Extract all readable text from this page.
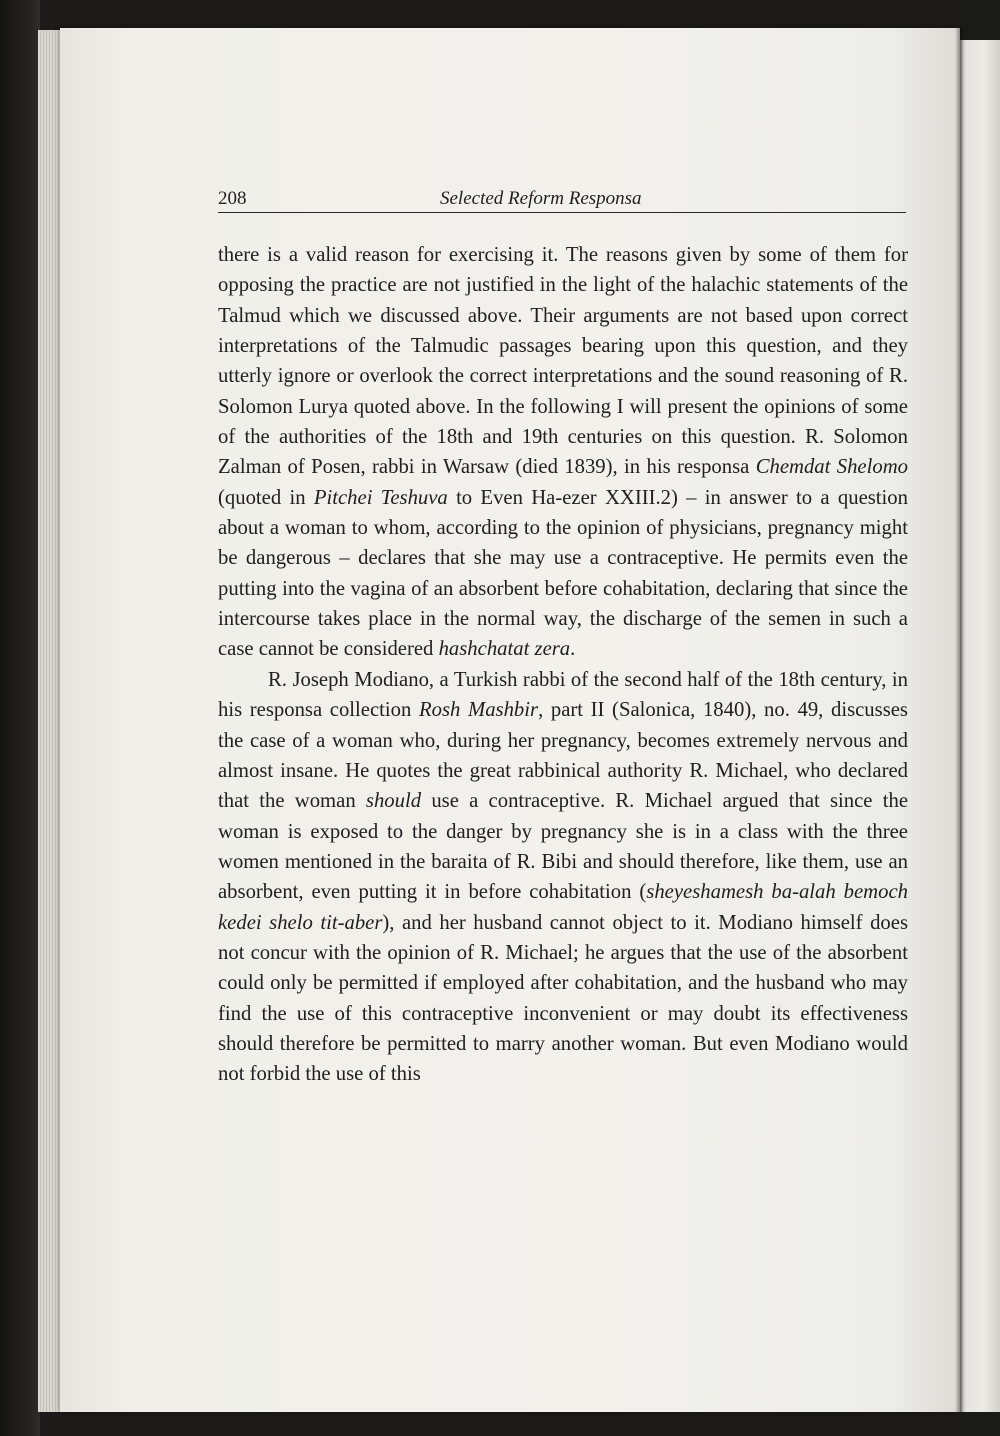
208	Selected Reform Responsa

there is a valid reason for exercising it. The reasons given by some of them for opposing the practice are not justified in the light of the halachic statements of the Talmud which we discussed above. Their arguments are not based upon correct interpretations of the Talmudic passages bearing upon this question, and they utterly ignore or overlook the correct interpretations and the sound reasoning of R. Solomon Lurya quoted above. In the following I will present the opinions of some of the authorities of the 18th and 19th centuries on this question. R. Solomon Zalman of Posen, rabbi in Warsaw (died 1839), in his responsa Chemdat Shelomo (quoted in Pitchei Teshuva to Even Ha-ezer XXIII.2) – in answer to a question about a woman to whom, according to the opinion of physicians, pregnancy might be dangerous – declares that she may use a contraceptive. He permits even the putting into the vagina of an absorbent before cohabitation, declaring that since the intercourse takes place in the normal way, the discharge of the semen in such a case cannot be considered hashchatat zera.

R. Joseph Modiano, a Turkish rabbi of the second half of the 18th century, in his responsa collection Rosh Mashbir, part II (Salonica, 1840), no. 49, discusses the case of a woman who, during her pregnancy, becomes extremely nervous and almost insane. He quotes the great rabbinical authority R. Michael, who declared that the woman should use a contraceptive. R. Michael argued that since the woman is exposed to the danger by pregnancy she is in a class with the three women mentioned in the baraita of R. Bibi and should therefore, like them, use an absorbent, even putting it in before cohabitation (sheyeshamesh ba-alah bemoch kedei shelo tit-aber), and her husband cannot object to it. Modiano himself does not concur with the opinion of R. Michael; he argues that the use of the absorbent could only be permitted if employed after cohabitation, and the husband who may find the use of this contraceptive inconvenient or may doubt its effectiveness should therefore be permitted to marry another woman. But even Modiano would not forbid the use of this
